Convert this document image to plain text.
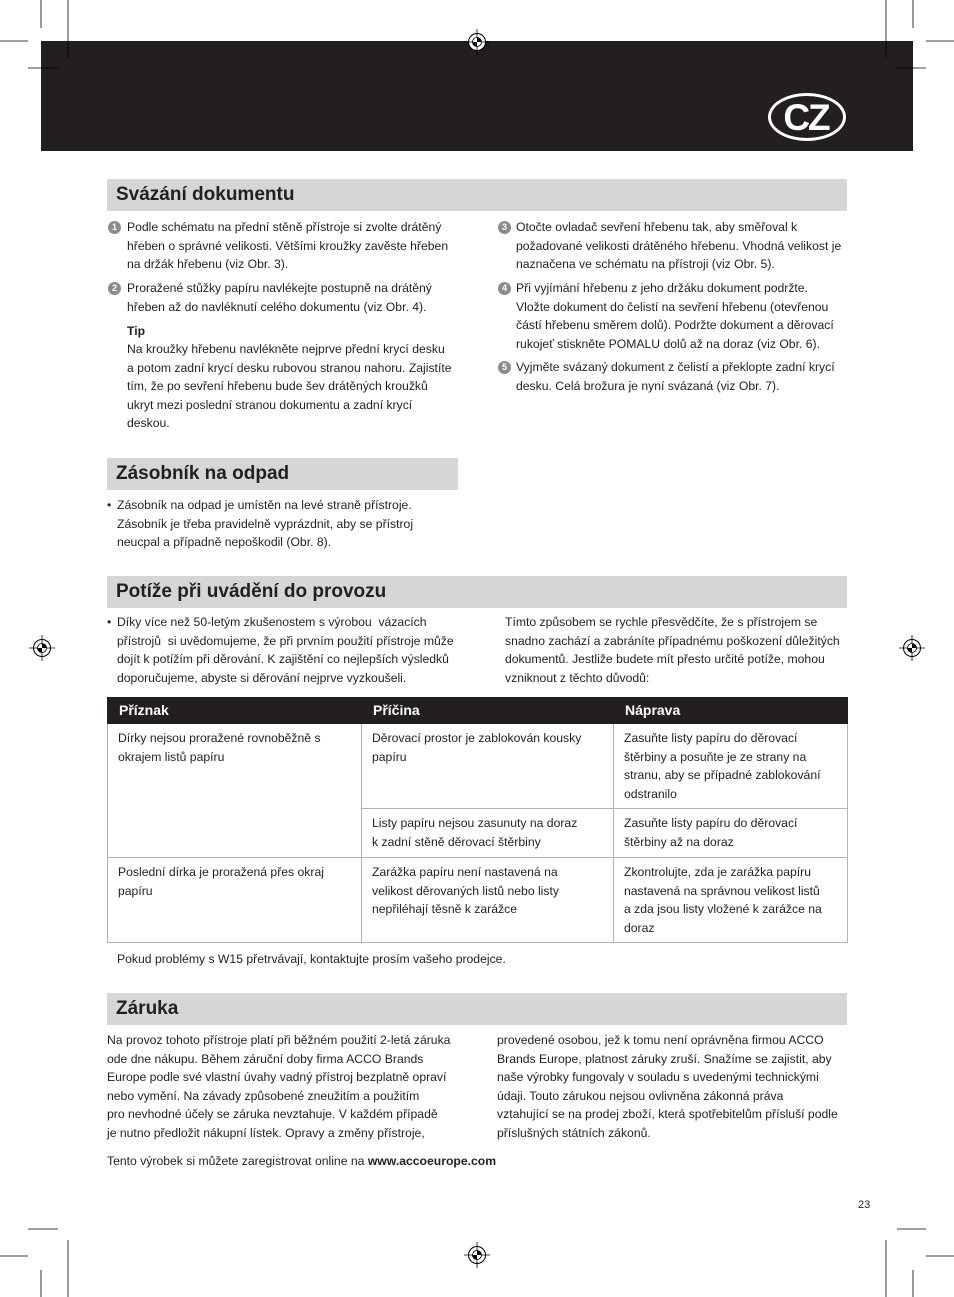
CZ
Svázání dokumentu
1 Podle schématu na přední stěně přístroje si zvolte drátěný
hřeben o správné velikosti. Většími kroužky zavěste hřeben
na držák hřebenu (viz Obr. 3).

2 Proražené stůžky papíru navlékejte postupně na drátěný
hřeben až do navléknutí celého dokumentu (viz Obr. 4).

Tip

Na kroužky hřebenu navlékněte nejprve přední krycí desku
a potom zadní krycí desku rubovou stranou nahoru. Zajistíte
tím, že po sevření hřebenu bude šev drátěných kroužků
ukryt mezi poslední stranou dokumentu a zadní krycí
deskou.

3 Otočte ovladač sevření hřebenu tak, aby směřoval k
požadované velikosti drátěného hřebenu. Vhodná velikost je
naznačena ve schématu na přístroji (viz Obr. 5).

4 Při vyjímání hřebenu z jeho držáku dokument podržte.
Vložte dokument do čelistí na sevření hřebenu (otevřenou
částí hřebenu směrem dolů). Podržte dokument a děrovací
rukojeť stiskněte POMALU dolů až na doraz (viz Obr. 6).

5 Vyjměte svázaný dokument z čelistí a překlopte zadní krycí
desku. Celá brožura je nyní svázaná (viz Obr. 7).

Zásobník na odpad
•

Zásobník na odpad je umístěn na levé straně přístroje.
Zásobník je třeba pravidelně vyprázdnit, aby se přístroj
neucpal a případně nepoškodil (Obr. 8).

Potíže při uvádění do provozu
•

Díky více než 50-letým zkušenostem s výrobou  vázacích
přístrojů  si uvědomujeme, že při prvním použití přístroje může
dojít k potížím při děrování. K zajištění co nejlepších výsledků
doporučujeme, abyste si děrování nejprve vyzkoušeli.

Tímto způsobem se rychle přesvědčíte, že s přístrojem se
snadno zachází a zabráníte případnému poškození důležitých
dokumentů. Jestliže budete mít přesto určité potíže, mohou
vzniknout z těchto důvodů:

Příznak	Příčina	Náprava
Dírky nejsou proražené rovnoběžně s
okrajem listů papíru	Děrovací prostor je zablokován kousky
papíru	Zasuňte listy papíru do děrovací
štěrbiny a posuňte je ze strany na
stranu, aby se případné zablokování
odstranilo
	Listy papíru nejsou zasunuty na doraz
k zadní stěně děrovací štěrbiny	Zasuňte listy papíru do děrovací
štěrbiny až na doraz
Poslední dírka je proražená přes okraj
papíru	Zarážka papíru není nastavená na
velikost děrovaných listů nebo listy
nepřiléhají těsně k zarážce	Zkontrolujte, zda je zarážka papíru
nastavená na správnou velikost listů
a zda jsou listy vložené k zarážce na
doraz

Pokud problémy s W15 přetrvávají, kontaktujte prosím vašeho prodejce.

Záruka

Na provoz tohoto přístroje platí při běžném použití 2-letá záruka
ode dne nákupu. Během záruční doby firma ACCO Brands
Europe podle své vlastní úvahy vadný přístroj bezplatně opraví
nebo vymění. Na závady způsobené zneužitím a použitím
pro nevhodné účely se záruka nevztahuje. V každém případě
je nutno předložit nákupní lístek. Opravy a změny přístroje,

provedené osobou, jež k tomu není oprávněna firmou ACCO
Brands Europe, platnost záruky zruší. Snažíme se zajistit, aby
naše výrobky fungovaly v souladu s uvedenými technickými
údaji. Touto zárukou nejsou ovlivněna zákonná práva
vztahující se na prodej zboží, která spotřebitelům přísluší podle
příslušných státních zákonů.

Tento výrobek si můžete zaregistrovat online na www.accoeurope.com

23
